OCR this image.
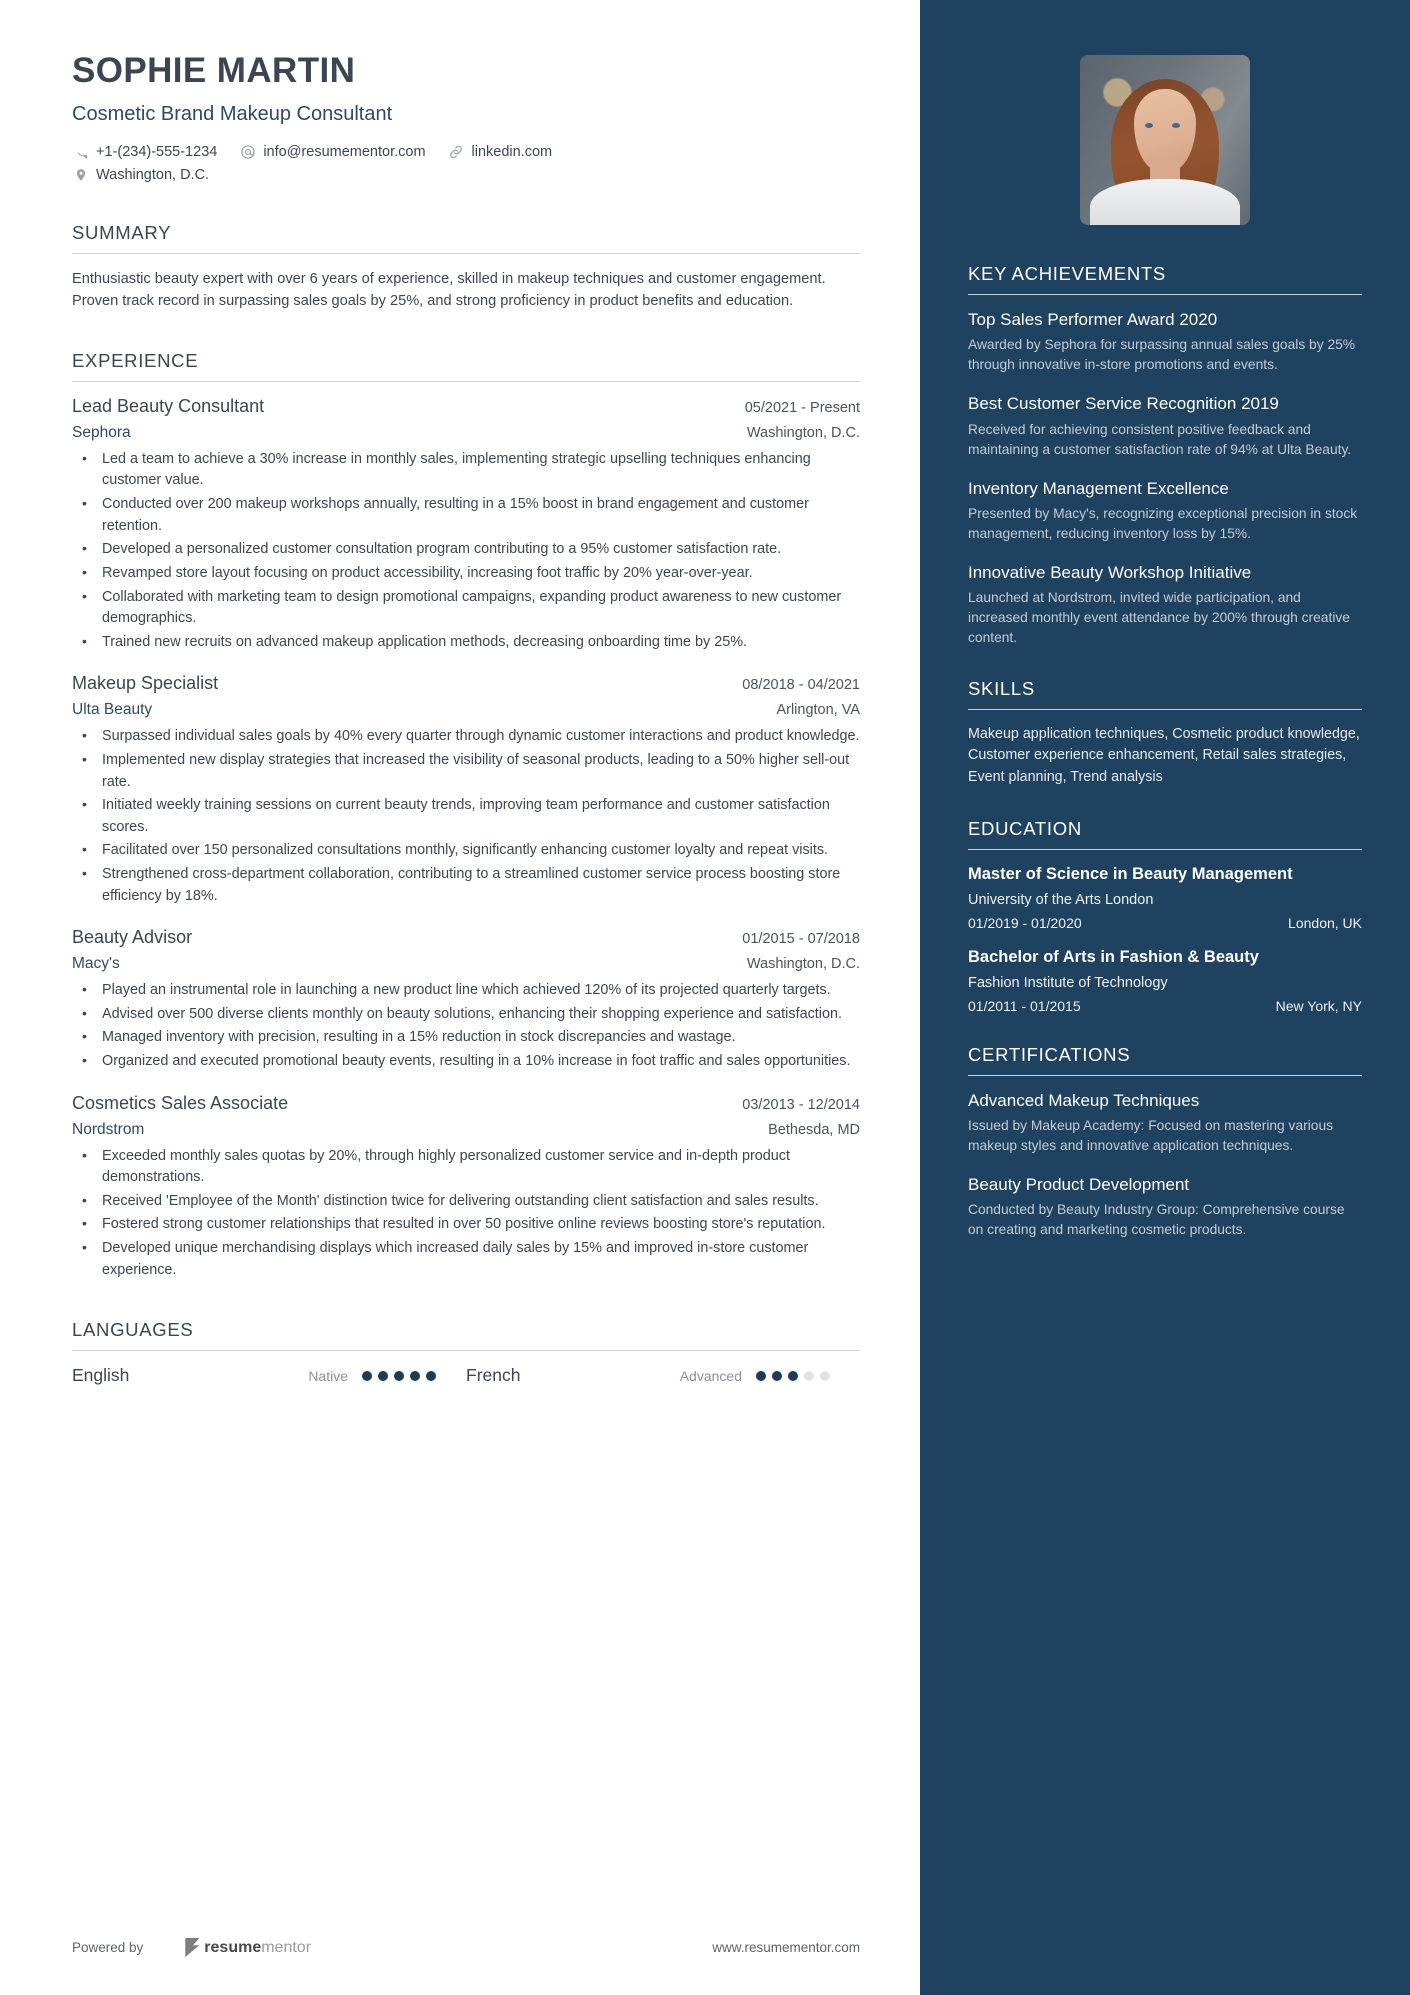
SOPHIE MARTIN
Cosmetic Brand Makeup Consultant
+1-(234)-555-1234	info@resumementor.com	linkedin.com
Washington, D.C.
SUMMARY
Enthusiastic beauty expert with over 6 years of experience, skilled in makeup techniques and customer engagement. Proven track record in surpassing sales goals by 25%, and strong proficiency in product benefits and education.
EXPERIENCE
Lead Beauty Consultant	05/2021 - Present
Sephora	Washington, D.C.
• Led a team to achieve a 30% increase in monthly sales, implementing strategic upselling techniques enhancing customer value.
• Conducted over 200 makeup workshops annually, resulting in a 15% boost in brand engagement and customer retention.
• Developed a personalized customer consultation program contributing to a 95% customer satisfaction rate.
• Revamped store layout focusing on product accessibility, increasing foot traffic by 20% year-over-year.
• Collaborated with marketing team to design promotional campaigns, expanding product awareness to new customer demographics.
• Trained new recruits on advanced makeup application methods, decreasing onboarding time by 25%.
Makeup Specialist	08/2018 - 04/2021
Ulta Beauty	Arlington, VA
• Surpassed individual sales goals by 40% every quarter through dynamic customer interactions and product knowledge.
• Implemented new display strategies that increased the visibility of seasonal products, leading to a 50% higher sell-out rate.
• Initiated weekly training sessions on current beauty trends, improving team performance and customer satisfaction scores.
• Facilitated over 150 personalized consultations monthly, significantly enhancing customer loyalty and repeat visits.
• Strengthened cross-department collaboration, contributing to a streamlined customer service process boosting store efficiency by 18%.
Beauty Advisor	01/2015 - 07/2018
Macy's	Washington, D.C.
• Played an instrumental role in launching a new product line which achieved 120% of its projected quarterly targets.
• Advised over 500 diverse clients monthly on beauty solutions, enhancing their shopping experience and satisfaction.
• Managed inventory with precision, resulting in a 15% reduction in stock discrepancies and wastage.
• Organized and executed promotional beauty events, resulting in a 10% increase in foot traffic and sales opportunities.
Cosmetics Sales Associate	03/2013 - 12/2014
Nordstrom	Bethesda, MD
• Exceeded monthly sales quotas by 20%, through highly personalized customer service and in-depth product demonstrations.
• Received 'Employee of the Month' distinction twice for delivering outstanding client satisfaction and sales results.
• Fostered strong customer relationships that resulted in over 50 positive online reviews boosting store's reputation.
• Developed unique merchandising displays which increased daily sales by 15% and improved in-store customer experience.
LANGUAGES
English	Native	French	Advanced
Powered by	resume mentor	www.resumementor.com
KEY ACHIEVEMENTS
Top Sales Performer Award 2020
Awarded by Sephora for surpassing annual sales goals by 25% through innovative in-store promotions and events.
Best Customer Service Recognition 2019
Received for achieving consistent positive feedback and maintaining a customer satisfaction rate of 94% at Ulta Beauty.
Inventory Management Excellence
Presented by Macy's, recognizing exceptional precision in stock management, reducing inventory loss by 15%.
Innovative Beauty Workshop Initiative
Launched at Nordstrom, invited wide participation, and increased monthly event attendance by 200% through creative content.
SKILLS
Makeup application techniques, Cosmetic product knowledge, Customer experience enhancement, Retail sales strategies, Event planning, Trend analysis
EDUCATION
Master of Science in Beauty Management
University of the Arts London
01/2019 - 01/2020	London, UK
Bachelor of Arts in Fashion & Beauty
Fashion Institute of Technology
01/2011 - 01/2015	New York, NY
CERTIFICATIONS
Advanced Makeup Techniques
Issued by Makeup Academy: Focused on mastering various makeup styles and innovative application techniques.
Beauty Product Development
Conducted by Beauty Industry Group: Comprehensive course on creating and marketing cosmetic products.
